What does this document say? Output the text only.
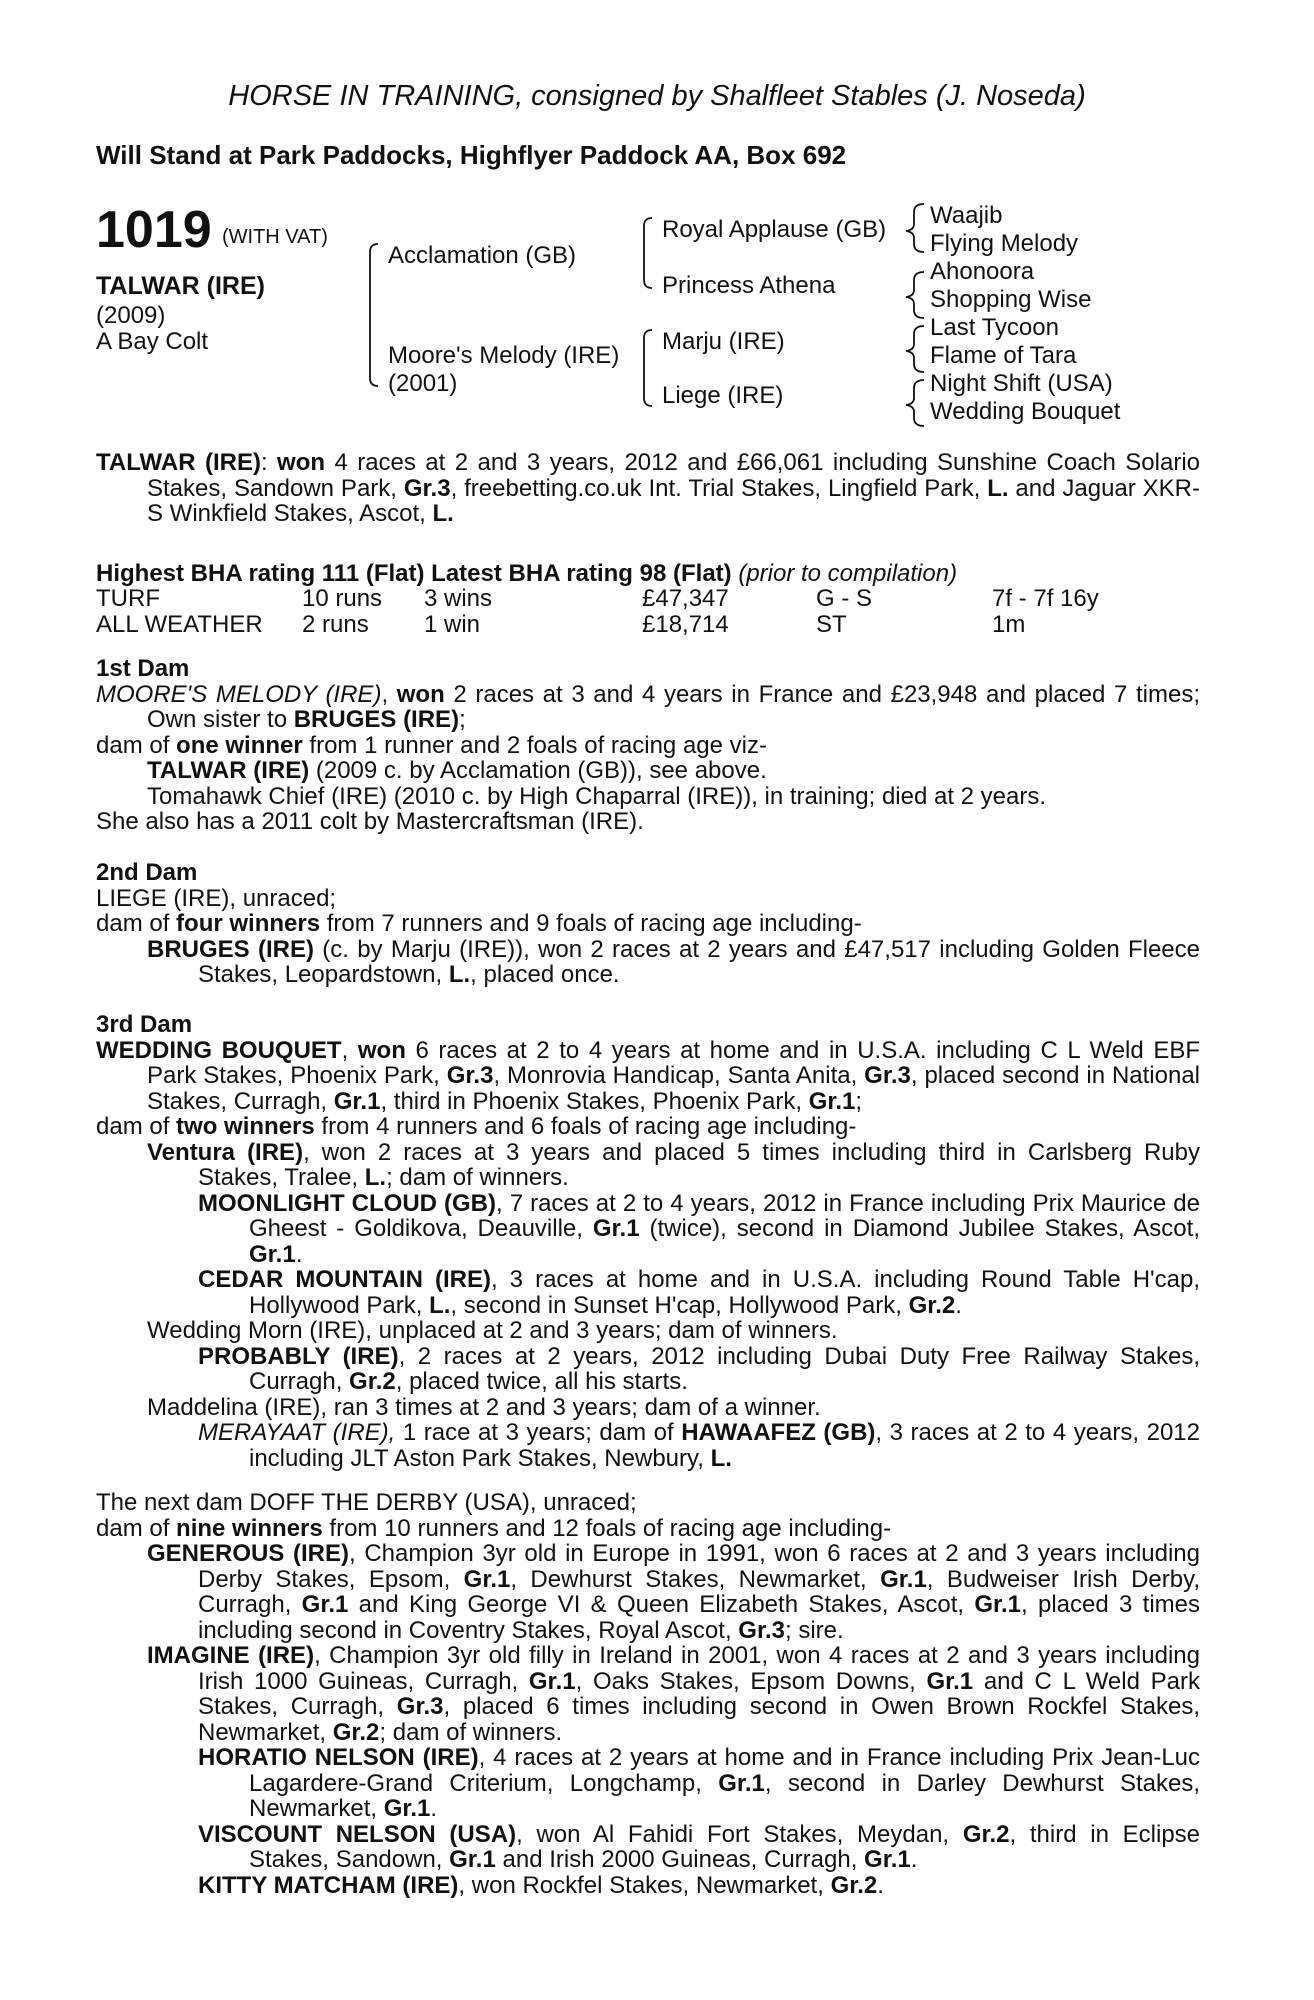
HORSE IN TRAINING, consigned by Shalfleet Stables (J. Noseda)
Will Stand at Park Paddocks, Highflyer Paddock AA, Box 692
1019 (WITH VAT)
TALWAR (IRE)
(2009)
A Bay Colt
Acclamation (GB)
Moore's Melody (IRE)
(2001)
Royal Applause (GB)
Princess Athena
Marju (IRE)
Liege (IRE)
Waajib
Flying Melody
Ahonoora
Shopping Wise
Last Tycoon
Flame of Tara
Night Shift (USA)
Wedding Bouquet

TALWAR (IRE): won 4 races at 2 and 3 years, 2012 and £66,061 including Sunshine Coach Solario Stakes, Sandown Park, Gr.3, freebetting.co.uk Int. Trial Stakes, Lingfield Park, L. and Jaguar XKR-S Winkfield Stakes, Ascot, L.

Highest BHA rating 111 (Flat) Latest BHA rating 98 (Flat) (prior to compilation)

TURF	10 runs	3 wins	£47,347	G - S	7f - 7f 16y
ALL WEATHER	2 runs	1 win	£18,714	ST	1m

1st Dam

MOORE'S MELODY (IRE), won 2 races at 3 and 4 years in France and £23,948 and placed 7 times; Own sister to BRUGES (IRE);

dam of one winner from 1 runner and 2 foals of racing age viz-

TALWAR (IRE) (2009 c. by Acclamation (GB)), see above.

Tomahawk Chief (IRE) (2010 c. by High Chaparral (IRE)), in training; died at 2 years.

She also has a 2011 colt by Mastercraftsman (IRE).

2nd Dam

LIEGE (IRE), unraced;

dam of four winners from 7 runners and 9 foals of racing age including-

BRUGES (IRE) (c. by Marju (IRE)), won 2 races at 2 years and £47,517 including Golden Fleece Stakes, Leopardstown, L., placed once.

3rd Dam

WEDDING BOUQUET, won 6 races at 2 to 4 years at home and in U.S.A. including C L Weld EBF Park Stakes, Phoenix Park, Gr.3, Monrovia Handicap, Santa Anita, Gr.3, placed second in National Stakes, Curragh, Gr.1, third in Phoenix Stakes, Phoenix Park, Gr.1;

dam of two winners from 4 runners and 6 foals of racing age including-

Ventura (IRE), won 2 races at 3 years and placed 5 times including third in Carlsberg Ruby Stakes, Tralee, L.; dam of winners.

MOONLIGHT CLOUD (GB), 7 races at 2 to 4 years, 2012 in France including Prix Maurice de Gheest - Goldikova, Deauville, Gr.1 (twice), second in Diamond Jubilee Stakes, Ascot, Gr.1.

CEDAR MOUNTAIN (IRE), 3 races at home and in U.S.A. including Round Table H'cap, Hollywood Park, L., second in Sunset H'cap, Hollywood Park, Gr.2.

Wedding Morn (IRE), unplaced at 2 and 3 years; dam of winners.

PROBABLY (IRE), 2 races at 2 years, 2012 including Dubai Duty Free Railway Stakes, Curragh, Gr.2, placed twice, all his starts.

Maddelina (IRE), ran 3 times at 2 and 3 years; dam of a winner.

MERAYAAT (IRE), 1 race at 3 years; dam of HAWAAFEZ (GB), 3 races at 2 to 4 years, 2012 including JLT Aston Park Stakes, Newbury, L.

The next dam DOFF THE DERBY (USA), unraced;

dam of nine winners from 10 runners and 12 foals of racing age including-

GENEROUS (IRE), Champion 3yr old in Europe in 1991, won 6 races at 2 and 3 years including Derby Stakes, Epsom, Gr.1, Dewhurst Stakes, Newmarket, Gr.1, Budweiser Irish Derby, Curragh, Gr.1 and King George VI & Queen Elizabeth Stakes, Ascot, Gr.1, placed 3 times including second in Coventry Stakes, Royal Ascot, Gr.3; sire.

IMAGINE (IRE), Champion 3yr old filly in Ireland in 2001, won 4 races at 2 and 3 years including Irish 1000 Guineas, Curragh, Gr.1, Oaks Stakes, Epsom Downs, Gr.1 and C L Weld Park Stakes, Curragh, Gr.3, placed 6 times including second in Owen Brown Rockfel Stakes, Newmarket, Gr.2; dam of winners.

HORATIO NELSON (IRE), 4 races at 2 years at home and in France including Prix Jean-Luc Lagardere-Grand Criterium, Longchamp, Gr.1, second in Darley Dewhurst Stakes, Newmarket, Gr.1.

VISCOUNT NELSON (USA), won Al Fahidi Fort Stakes, Meydan, Gr.2, third in Eclipse Stakes, Sandown, Gr.1 and Irish 2000 Guineas, Curragh, Gr.1.

KITTY MATCHAM (IRE), won Rockfel Stakes, Newmarket, Gr.2.
